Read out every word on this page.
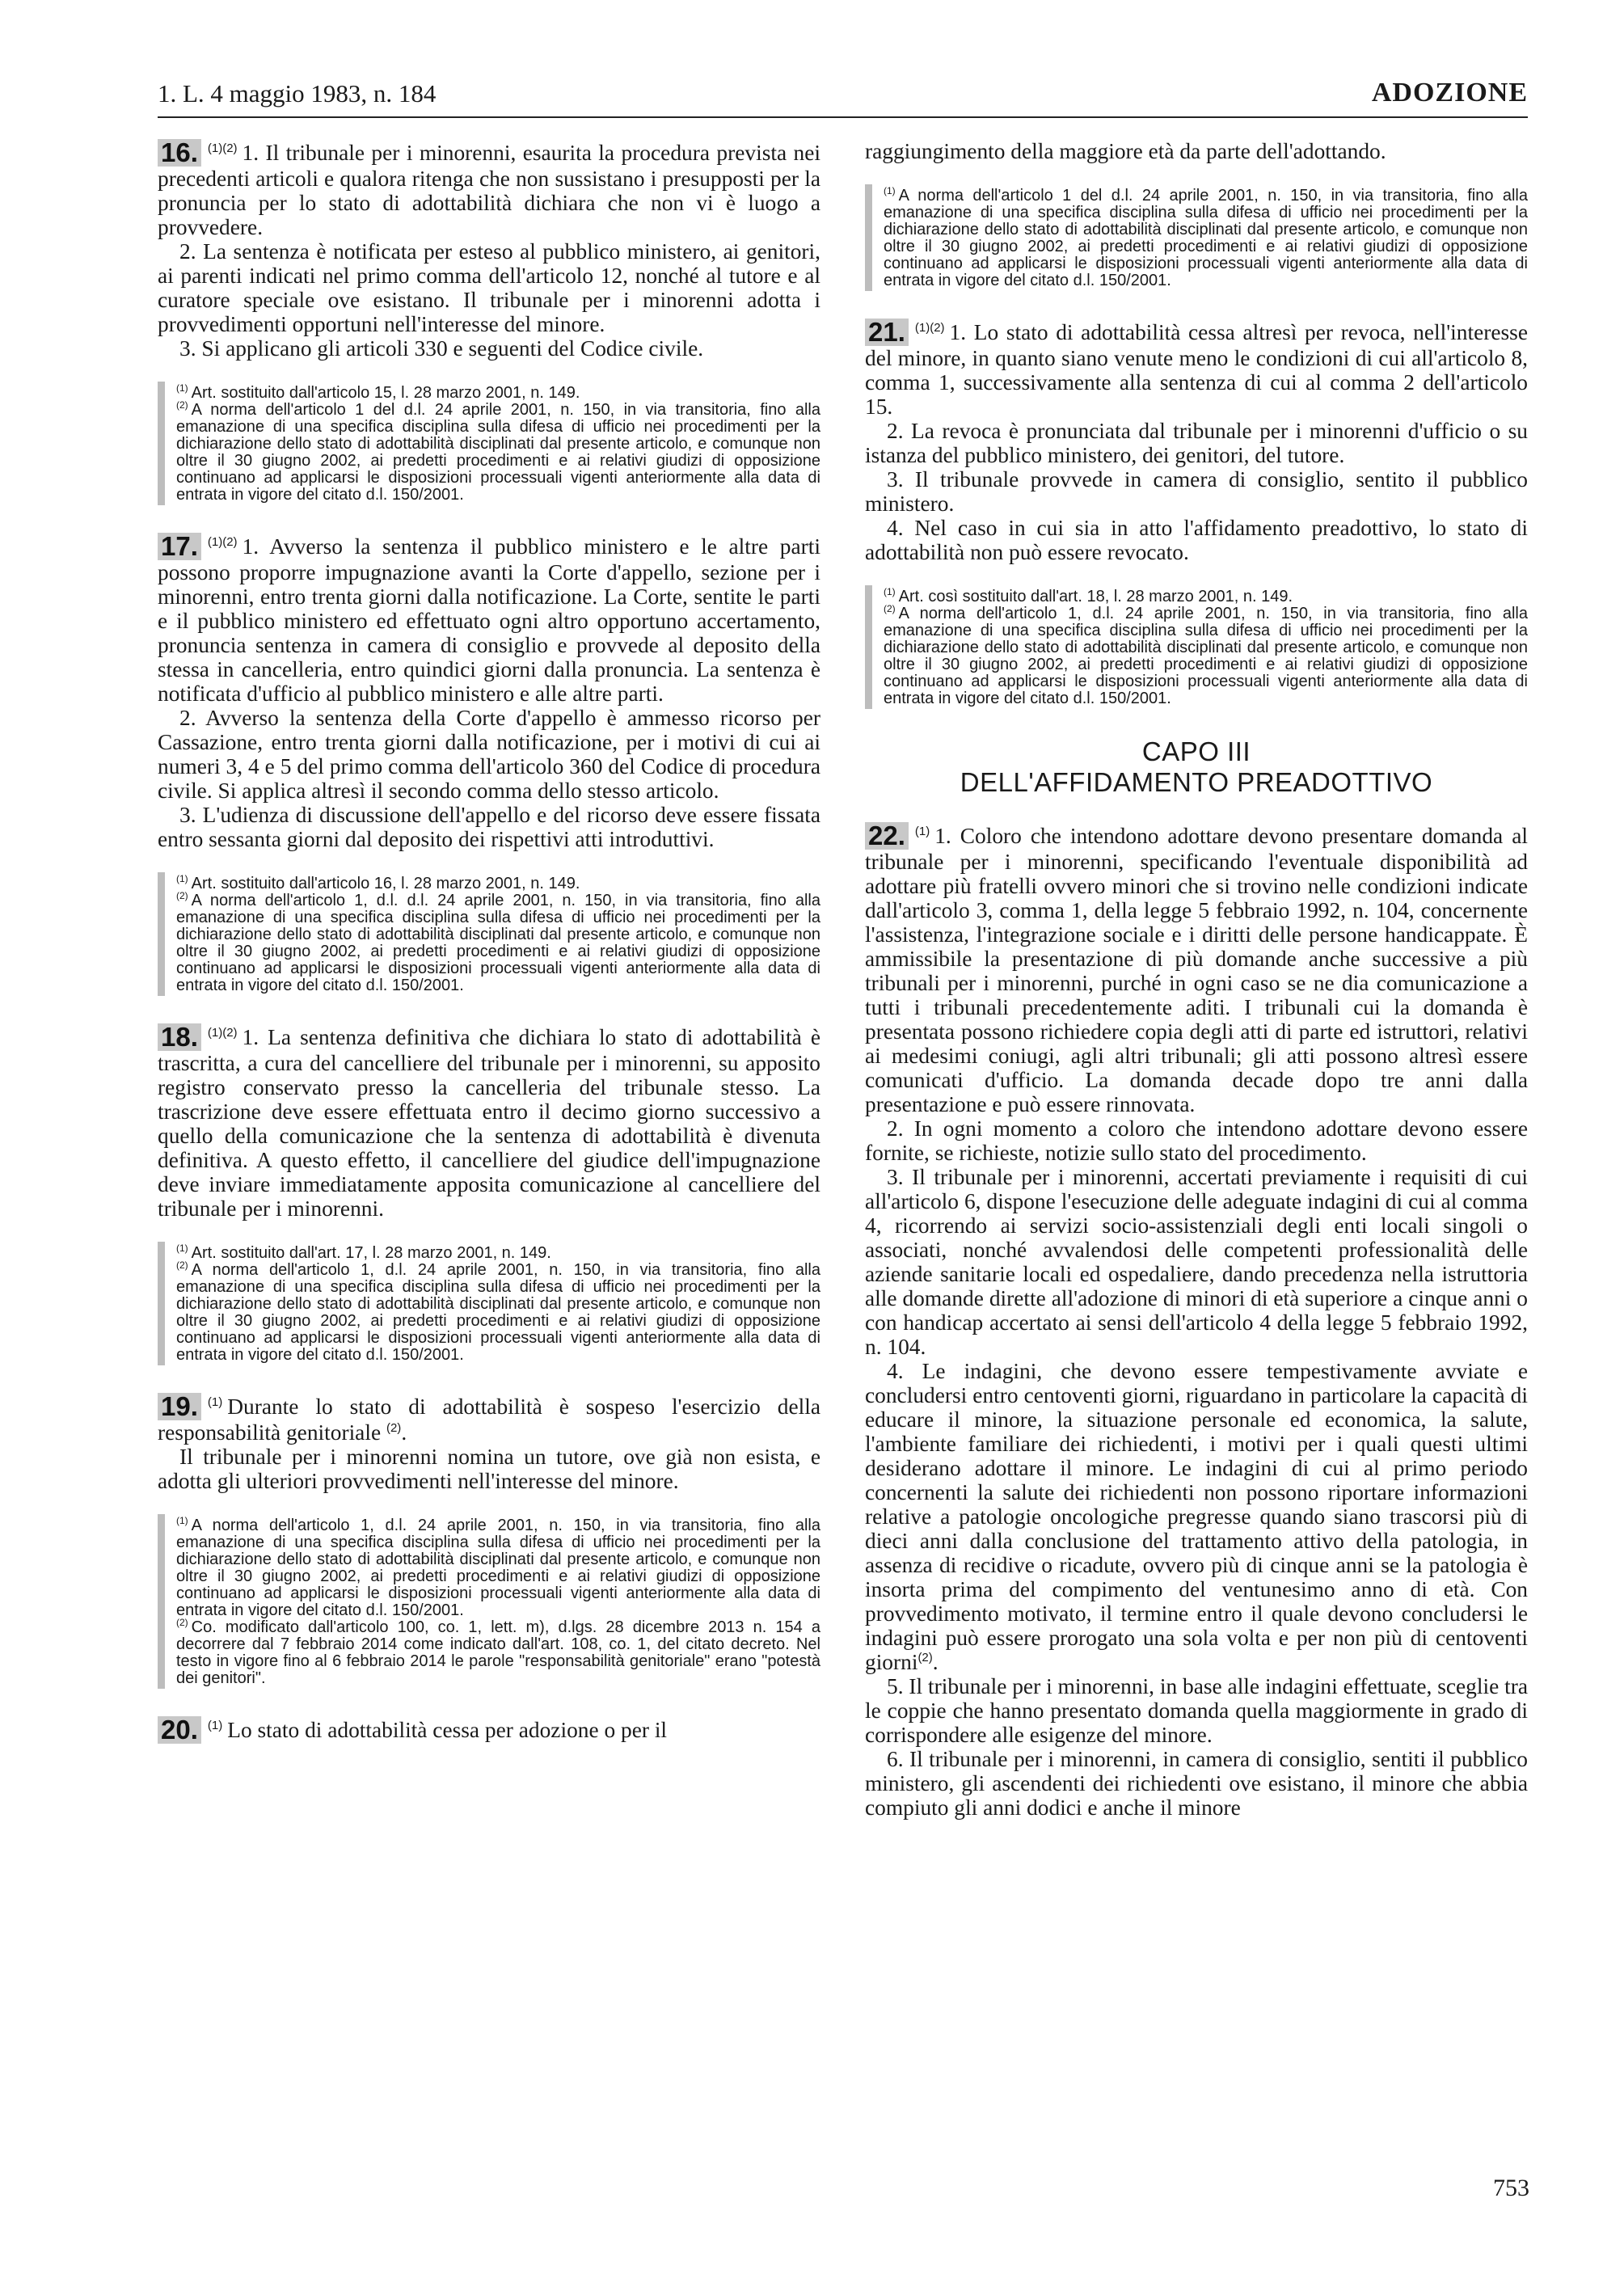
1. L. 4 maggio 1983, n. 184	ADOZIONE

16. $^{(1)(2)}$ 1. Il tribunale per i minorenni, esaurita la procedura prevista nei precedenti articoli e qualora ritenga che non sussistano i presupposti per la pronuncia per lo stato di adottabilità dichiara che non vi è luogo a provvedere.

2. La sentenza è notificata per esteso al pubblico ministero, ai genitori, ai parenti indicati nel primo comma dell'articolo 12, nonché al tutore e al curatore speciale ove esistano. Il tribunale per i minorenni adotta i provvedimenti opportuni nell'interesse del minore.

3. Si applicano gli articoli 330 e seguenti del Codice civile.

$^{(1)}$ Art. sostituito dall'articolo 15, l. 28 marzo 2001, n. 149.

$^{(2)}$ A norma dell'articolo 1 del d.l. 24 aprile 2001, n. 150, in via transitoria, fino alla emanazione di una specifica disciplina sulla difesa di ufficio nei procedimenti per la dichiarazione dello stato di adottabilità disciplinati dal presente articolo, e comunque non oltre il 30 giugno 2002, ai predetti procedimenti e ai relativi giudizi di opposizione continuano ad applicarsi le disposizioni processuali vigenti anteriormente alla data di entrata in vigore del citato d.l. 150/2001.

17. $^{(1)(2)}$ 1. Avverso la sentenza il pubblico ministero e le altre parti possono proporre impugnazione avanti la Corte d'appello, sezione per i minorenni, entro trenta giorni dalla notificazione. La Corte, sentite le parti e il pubblico ministero ed effettuato ogni altro opportuno accertamento, pronuncia sentenza in camera di consiglio e provvede al deposito della stessa in cancelleria, entro quindici giorni dalla pronuncia. La sentenza è notificata d'ufficio al pubblico ministero e alle altre parti.

2. Avverso la sentenza della Corte d'appello è ammesso ricorso per Cassazione, entro trenta giorni dalla notificazione, per i motivi di cui ai numeri 3, 4 e 5 del primo comma dell'articolo 360 del Codice di procedura civile. Si applica altresì il secondo comma dello stesso articolo.

3. L'udienza di discussione dell'appello e del ricorso deve essere fissata entro sessanta giorni dal deposito dei rispettivi atti introduttivi.

$^{(1)}$ Art. sostituito dall'articolo 16, l. 28 marzo 2001, n. 149.

$^{(2)}$ A norma dell'articolo 1, d.l. d.l. 24 aprile 2001, n. 150, in via transitoria, fino alla emanazione di una specifica disciplina sulla difesa di ufficio nei procedimenti per la dichiarazione dello stato di adottabilità disciplinati dal presente articolo, e comunque non oltre il 30 giugno 2002, ai predetti procedimenti e ai relativi giudizi di opposizione continuano ad applicarsi le disposizioni processuali vigenti anteriormente alla data di entrata in vigore del citato d.l. 150/2001.

18. $^{(1)(2)}$ 1. La sentenza definitiva che dichiara lo stato di adottabilità è trascritta, a cura del cancelliere del tribunale per i minorenni, su apposito registro conservato presso la cancelleria del tribunale stesso. La trascrizione deve essere effettuata entro il decimo giorno successivo a quello della comunicazione che la sentenza di adottabilità è divenuta definitiva. A questo effetto, il cancelliere del giudice dell'impugnazione deve inviare immediatamente apposita comunicazione al cancelliere del tribunale per i minorenni.

$^{(1)}$ Art. sostituito dall'art. 17, l. 28 marzo 2001, n. 149.

$^{(2)}$ A norma dell'articolo 1, d.l. 24 aprile 2001, n. 150, in via transitoria, fino alla emanazione di una specifica disciplina sulla difesa di ufficio nei procedimenti per la dichiarazione dello stato di adottabilità disciplinati dal presente articolo, e comunque non oltre il 30 giugno 2002, ai predetti procedimenti e ai relativi giudizi di opposizione continuano ad applicarsi le disposizioni processuali vigenti anteriormente alla data di entrata in vigore del citato d.l. 150/2001.

19. $^{(1)}$ Durante lo stato di adottabilità è sospeso l'esercizio della responsabilità genitoriale $^{(2)}$.

Il tribunale per i minorenni nomina un tutore, ove già non esista, e adotta gli ulteriori provvedimenti nell'interesse del minore.

$^{(1)}$ A norma dell'articolo 1, d.l. 24 aprile 2001, n. 150, in via transitoria, fino alla emanazione di una specifica disciplina sulla difesa di ufficio nei procedimenti per la dichiarazione dello stato di adottabilità disciplinati dal presente articolo, e comunque non oltre il 30 giugno 2002, ai predetti procedimenti e ai relativi giudizi di opposizione continuano ad applicarsi le disposizioni processuali vigenti anteriormente alla data di entrata in vigore del citato d.l. 150/2001.

$^{(2)}$ Co. modificato dall'articolo 100, co. 1, lett. m), d.lgs. 28 dicembre 2013 n. 154 a decorrere dal 7 febbraio 2014 come indicato dall'art. 108, co. 1, del citato decreto. Nel testo in vigore fino al 6 febbraio 2014 le parole "responsabilità genitoriale" erano "potestà dei genitori".

20. $^{(1)}$ Lo stato di adottabilità cessa per adozione o per il

raggiungimento della maggiore età da parte dell'adottando.

$^{(1)}$ A norma dell'articolo 1 del d.l. 24 aprile 2001, n. 150, in via transitoria, fino alla emanazione di una specifica disciplina sulla difesa di ufficio nei procedimenti per la dichiarazione dello stato di adottabilità disciplinati dal presente articolo, e comunque non oltre il 30 giugno 2002, ai predetti procedimenti e ai relativi giudizi di opposizione continuano ad applicarsi le disposizioni processuali vigenti anteriormente alla data di entrata in vigore del citato d.l. 150/2001.

21. $^{(1)(2)}$ 1. Lo stato di adottabilità cessa altresì per revoca, nell'interesse del minore, in quanto siano venute meno le condizioni di cui all'articolo 8, comma 1, successivamente alla sentenza di cui al comma 2 dell'articolo 15.

2. La revoca è pronunciata dal tribunale per i minorenni d'ufficio o su istanza del pubblico ministero, dei genitori, del tutore.

3. Il tribunale provvede in camera di consiglio, sentito il pubblico ministero.

4. Nel caso in cui sia in atto l'affidamento preadottivo, lo stato di adottabilità non può essere revocato.

$^{(1)}$ Art. così sostituito dall'art. 18, l. 28 marzo 2001, n. 149.

$^{(2)}$ A norma dell'articolo 1, d.l. 24 aprile 2001, n. 150, in via transitoria, fino alla emanazione di una specifica disciplina sulla difesa di ufficio nei procedimenti per la dichiarazione dello stato di adottabilità disciplinati dal presente articolo, e comunque non oltre il 30 giugno 2002, ai predetti procedimenti e ai relativi giudizi di opposizione continuano ad applicarsi le disposizioni processuali vigenti anteriormente alla data di entrata in vigore del citato d.l. 150/2001.

CAPO III
DELL'AFFIDAMENTO PREADOTTIVO

22. $^{(1)}$ 1. Coloro che intendono adottare devono presentare domanda al tribunale per i minorenni, specificando l'eventuale disponibilità ad adottare più fratelli ovvero minori che si trovino nelle condizioni indicate dall'articolo 3, comma 1, della legge 5 febbraio 1992, n. 104, concernente l'assistenza, l'integrazione sociale e i diritti delle persone handicappate. È ammissibile la presentazione di più domande anche successive a più tribunali per i minorenni, purché in ogni caso se ne dia comunicazione a tutti i tribunali precedentemente aditi. I tribunali cui la domanda è presentata possono richiedere copia degli atti di parte ed istruttori, relativi ai medesimi coniugi, agli altri tribunali; gli atti possono altresì essere comunicati d'ufficio. La domanda decade dopo tre anni dalla presentazione e può essere rinnovata.

2. In ogni momento a coloro che intendono adottare devono essere fornite, se richieste, notizie sullo stato del procedimento.

3. Il tribunale per i minorenni, accertati previamente i requisiti di cui all'articolo 6, dispone l'esecuzione delle adeguate indagini di cui al comma 4, ricorrendo ai servizi socio-assistenziali degli enti locali singoli o associati, nonché avvalendosi delle competenti professionalità delle aziende sanitarie locali ed ospedaliere, dando precedenza nella istruttoria alle domande dirette all'adozione di minori di età superiore a cinque anni o con handicap accertato ai sensi dell'articolo 4 della legge 5 febbraio 1992, n. 104.

4. Le indagini, che devono essere tempestivamente avviate e concludersi entro centoventi giorni, riguardano in particolare la capacità di educare il minore, la situazione personale ed economica, la salute, l'ambiente familiare dei richiedenti, i motivi per i quali questi ultimi desiderano adottare il minore. Le indagini di cui al primo periodo concernenti la salute dei richiedenti non possono riportare informazioni relative a patologie oncologiche pregresse quando siano trascorsi più di dieci anni dalla conclusione del trattamento attivo della patologia, in assenza di recidive o ricadute, ovvero più di cinque anni se la patologia è insorta prima del compimento del ventunesimo anno di età. Con provvedimento motivato, il termine entro il quale devono concludersi le indagini può essere prorogato una sola volta e per non più di centoventi giorni$^{(2)}$.

5. Il tribunale per i minorenni, in base alle indagini effettuate, sceglie tra le coppie che hanno presentato domanda quella maggiormente in grado di corrispondere alle esigenze del minore.

6. Il tribunale per i minorenni, in camera di consiglio, sentiti il pubblico ministero, gli ascendenti dei richiedenti ove esistano, il minore che abbia compiuto gli anni dodici e anche il minore

753
